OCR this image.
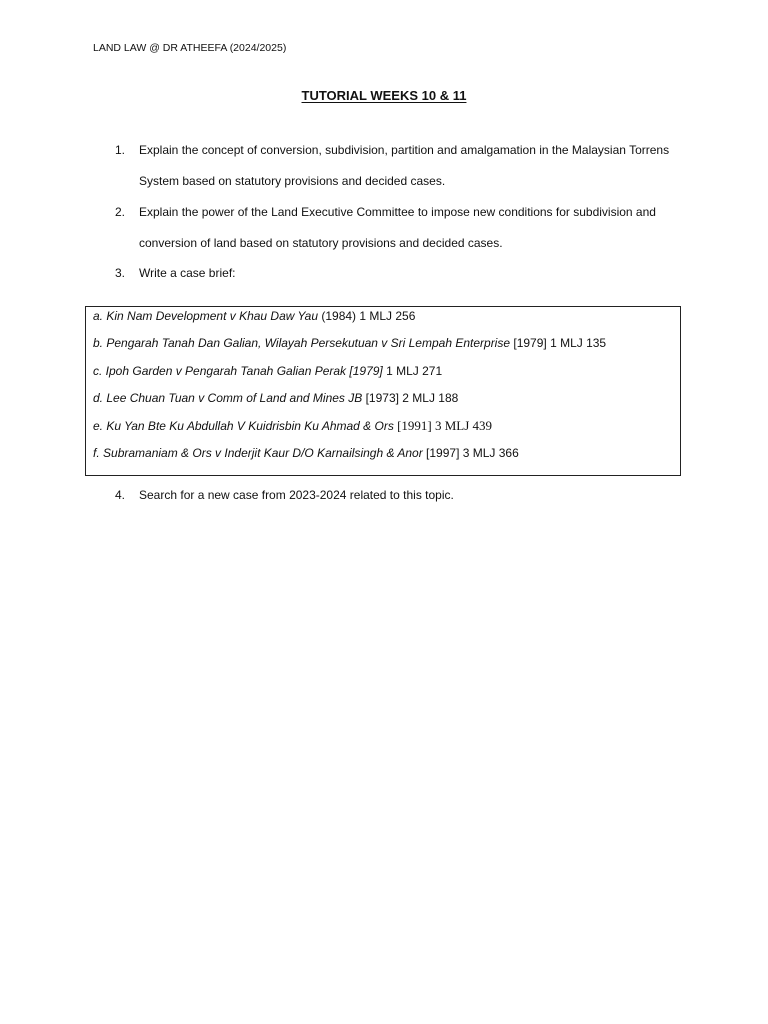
LAND LAW @ DR ATHEEFA (2024/2025)
TUTORIAL WEEKS 10 & 11
1.	Explain the concept of conversion, subdivision, partition and amalgamation in the Malaysian Torrens
System based on statutory provisions and decided cases.
2.	Explain the power of the Land Executive Committee to impose new conditions for subdivision and
conversion of land based on statutory provisions and decided cases.
3.	Write a case brief:
a. Kin Nam Development v Khau Daw Yau (1984) 1 MLJ 256
b. Pengarah Tanah Dan Galian, Wilayah Persekutuan v Sri Lempah Enterprise [1979] 1 MLJ 135
c. Ipoh Garden v Pengarah Tanah Galian Perak [1979] 1 MLJ 271
d. Lee Chuan Tuan v Comm of Land and Mines JB [1973] 2 MLJ 188
e. Ku Yan Bte Ku Abdullah V Kuidrisbin Ku Ahmad & Ors [1991] 3 MLJ 439
f. Subramaniam & Ors v Inderjit Kaur D/O Karnailsingh & Anor [1997] 3 MLJ 366
4.	Search for a new case from 2023-2024 related to this topic.
